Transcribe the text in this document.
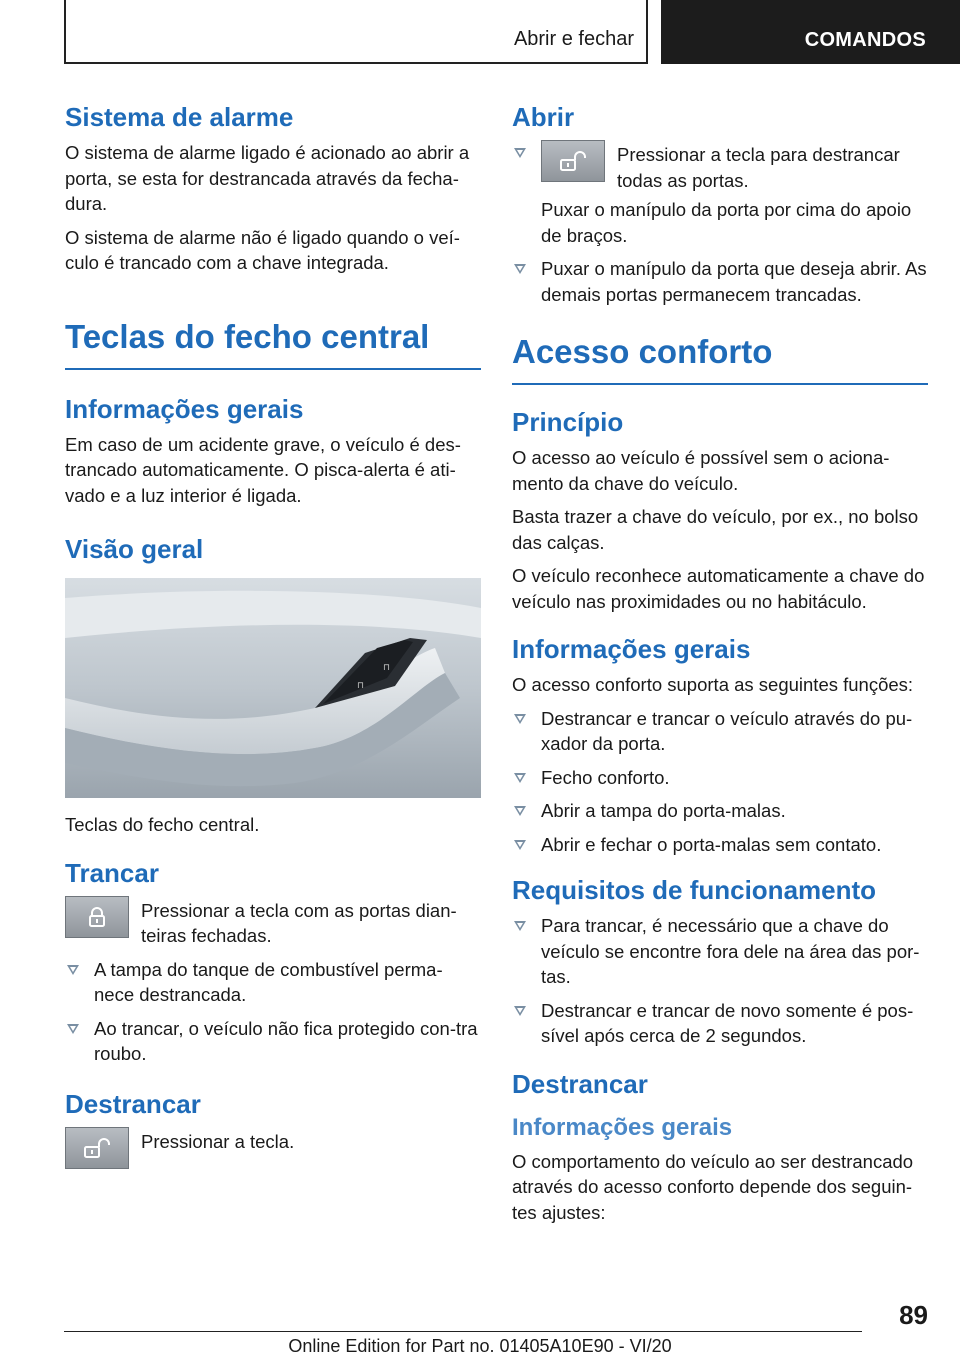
Abrir e fechar	COMANDOS
Sistema de alarme

O sistema de alarme ligado é acionado ao abrir a porta, se esta for destrancada através da fecha-dura.

O sistema de alarme não é ligado quando o veí-culo é trancado com a chave integrada.

Teclas do fecho central
Informações gerais

Em caso de um acidente grave, o veículo é des-trancado automaticamente. O pisca-alerta é ati-vado e a luz interior é ligada.

Visão geral
⊓
⊓

Teclas do fecho central.

Trancar
Pressionar a tecla com as portas dian-teiras fechadas.
A tampa do tanque de combustível perma-nece destrancada.
Ao trancar, o veículo não fica protegido con-tra roubo.
Destrancar
Pressionar a tecla.
Abrir
Pressionar a tecla para destrancar todas as portas.
Puxar o manípulo da porta por cima do apoio de braços.
Puxar o manípulo da porta que deseja abrir. As demais portas permanecem trancadas.
Acesso conforto
Princípio

O acesso ao veículo é possível sem o aciona-mento da chave do veículo.

Basta trazer a chave do veículo, por ex., no bolso das calças.

O veículo reconhece automaticamente a chave do veículo nas proximidades ou no habitáculo.

Informações gerais

O acesso conforto suporta as seguintes funções:

Destrancar e trancar o veículo através do pu-xador da porta.
Fecho conforto.
Abrir a tampa do porta-malas.
Abrir e fechar o porta-malas sem contato.
Requisitos de funcionamento
Para trancar, é necessário que a chave do veículo se encontre fora dele na área das por-tas.
Destrancar e trancar de novo somente é pos-sível após cerca de 2 segundos.
Destrancar
Informações gerais

O comportamento do veículo ao ser destrancado através do acesso conforto depende dos seguin-tes ajustes:

89
Online Edition for Part no. 01405A10E90 - VI/20
